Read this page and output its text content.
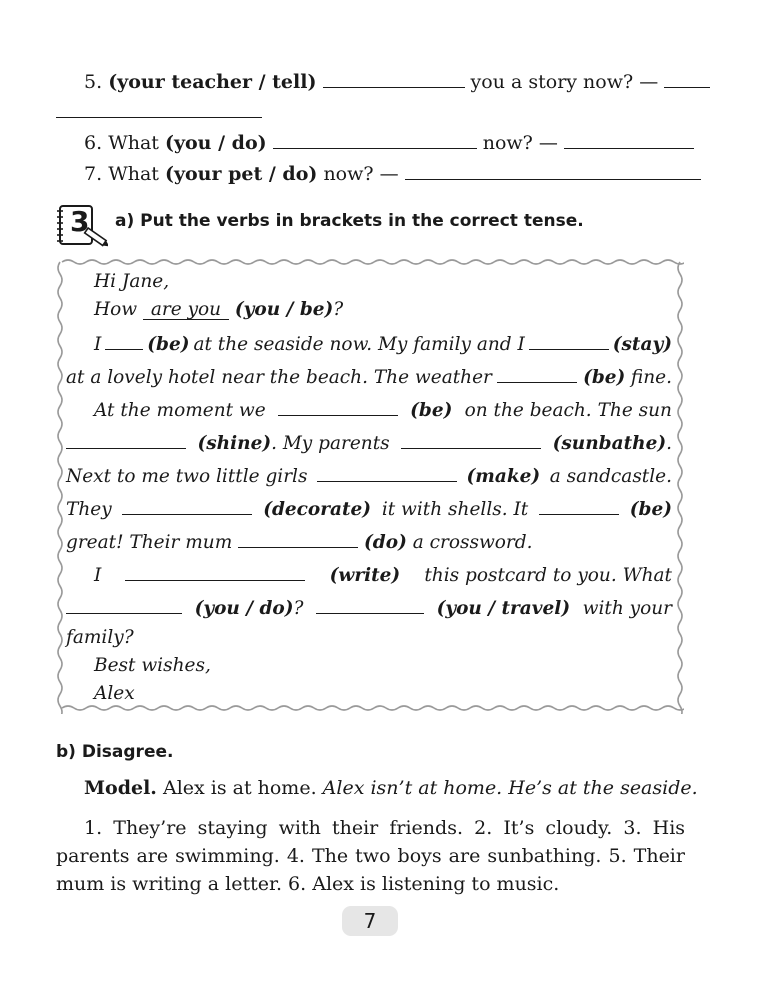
5. (your teacher / tell)	you a story now? —
6. What (you / do)	now? —
7. What (your pet / do) now? —
3 a) Put the verbs in brackets in the correct tense.
Hi Jane,
How are you (you / be)?
I (be) at the seaside now. My family and I	(stay)
at a lovely hotel near the beach. The weather	(be) fine.
At the moment we	(be) on the beach. The sun
(shine). My parents	(sunbathe).
Next to me two little girls	(make) a sandcastle.
They	(decorate) it with shells. It	(be)
great! Their mum	(do) a crossword.
I	(write) this postcard to you. What
(you / do)?	(you / travel) with your
family?
Best wishes,
Alex
b) Disagree.
Model. Alex is at home. Alex isn’t at home. He’s at the seaside.
1. They’re staying with their friends. 2. It’s cloudy. 3. His parents are swimming. 4. The two boys are sunbathing. 5. Their mum is writing a letter. 6. Alex is listening to music.
7
